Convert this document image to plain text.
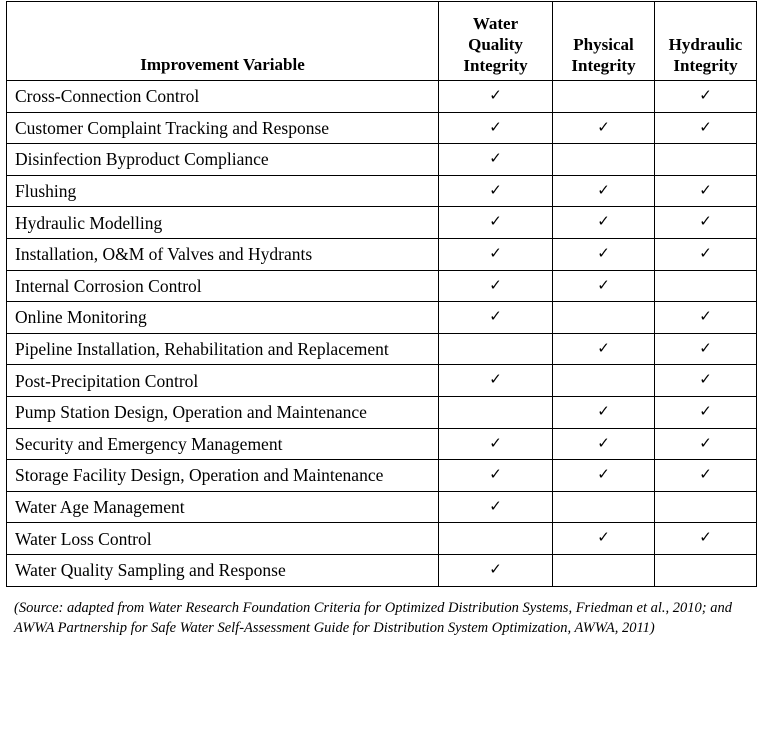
Improvement Variable	Water Quality Integrity	Physical Integrity	Hydraulic Integrity
Cross-Connection Control	✓		✓
Customer Complaint Tracking and Response	✓	✓	✓
Disinfection Byproduct Compliance	✓		
Flushing	✓	✓	✓
Hydraulic Modelling	✓	✓	✓
Installation, O&M of Valves and Hydrants	✓	✓	✓
Internal Corrosion Control	✓	✓	
Online Monitoring	✓		✓
Pipeline Installation, Rehabilitation and Replacement		✓	✓
Post-Precipitation Control	✓		✓
Pump Station Design, Operation and Maintenance		✓	✓
Security and Emergency Management	✓	✓	✓
Storage Facility Design, Operation and Maintenance	✓	✓	✓
Water Age Management	✓		
Water Loss Control		✓	✓
Water Quality Sampling and Response	✓		
(Source: adapted from Water Research Foundation Criteria for Optimized Distribution Systems, Friedman et al., 2010; and AWWA Partnership for Safe Water Self-Assessment Guide for Distribution System Optimization, AWWA, 2011)
